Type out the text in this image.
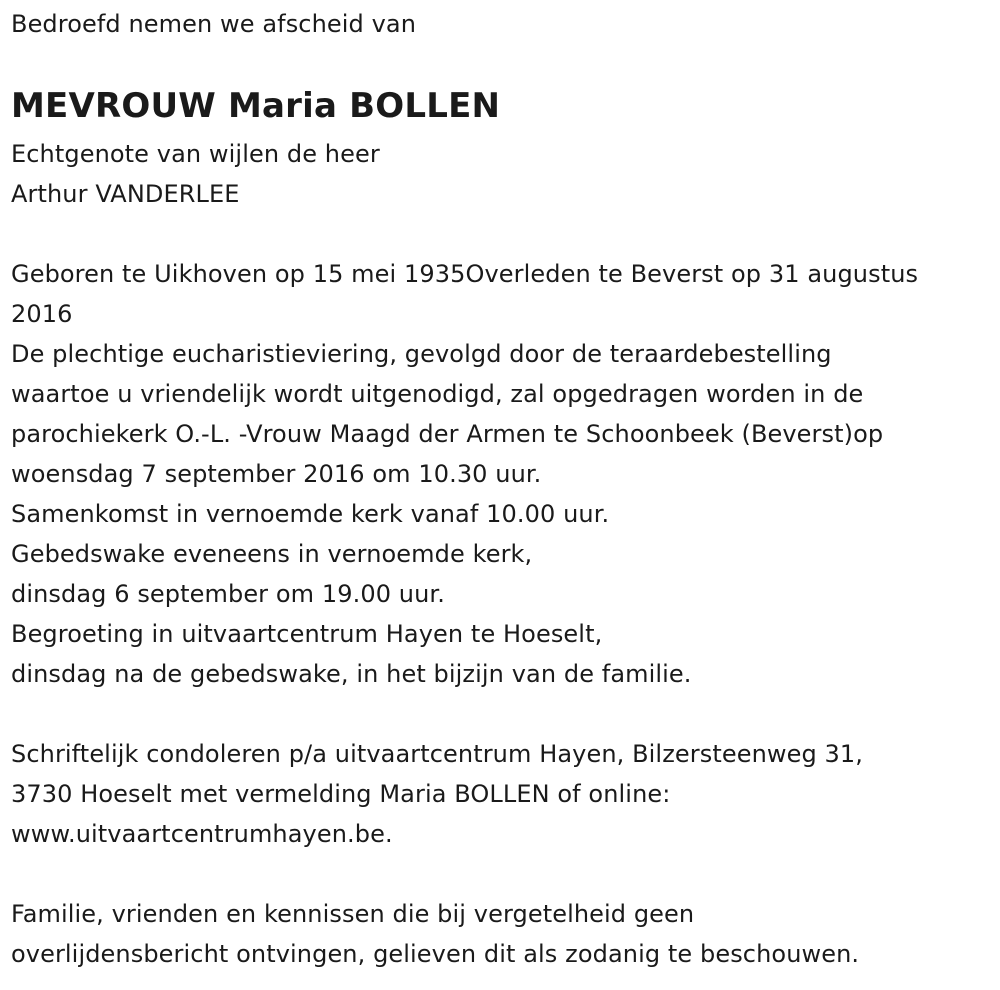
Bedroefd nemen we afscheid van
MEVROUW Maria BOLLEN
Echtgenote van wijlen de heer
Arthur VANDERLEE
Geboren te Uikhoven op 15 mei 1935Overleden te Beverst op 31 augustus
2016
De plechtige eucharistieviering, gevolgd door de teraardebestelling
waartoe u vriendelijk wordt uitgenodigd, zal opgedragen worden in de
parochiekerk O.-L. -Vrouw Maagd der Armen te Schoonbeek (Beverst)op
woensdag 7 september 2016 om 10.30 uur.
Samenkomst in vernoemde kerk vanaf 10.00 uur.
Gebedswake eveneens in vernoemde kerk,
dinsdag 6 september om 19.00 uur.
Begroeting in uitvaartcentrum Hayen te Hoeselt,
dinsdag na de gebedswake, in het bijzijn van de familie.
Schriftelijk condoleren p/a uitvaartcentrum Hayen, Bilzersteenweg 31,
3730 Hoeselt met vermelding Maria BOLLEN of online:
www.uitvaartcentrumhayen.be.
Familie, vrienden en kennissen die bij vergetelheid geen
overlijdensbericht ontvingen, gelieven dit als zodanig te beschouwen.
